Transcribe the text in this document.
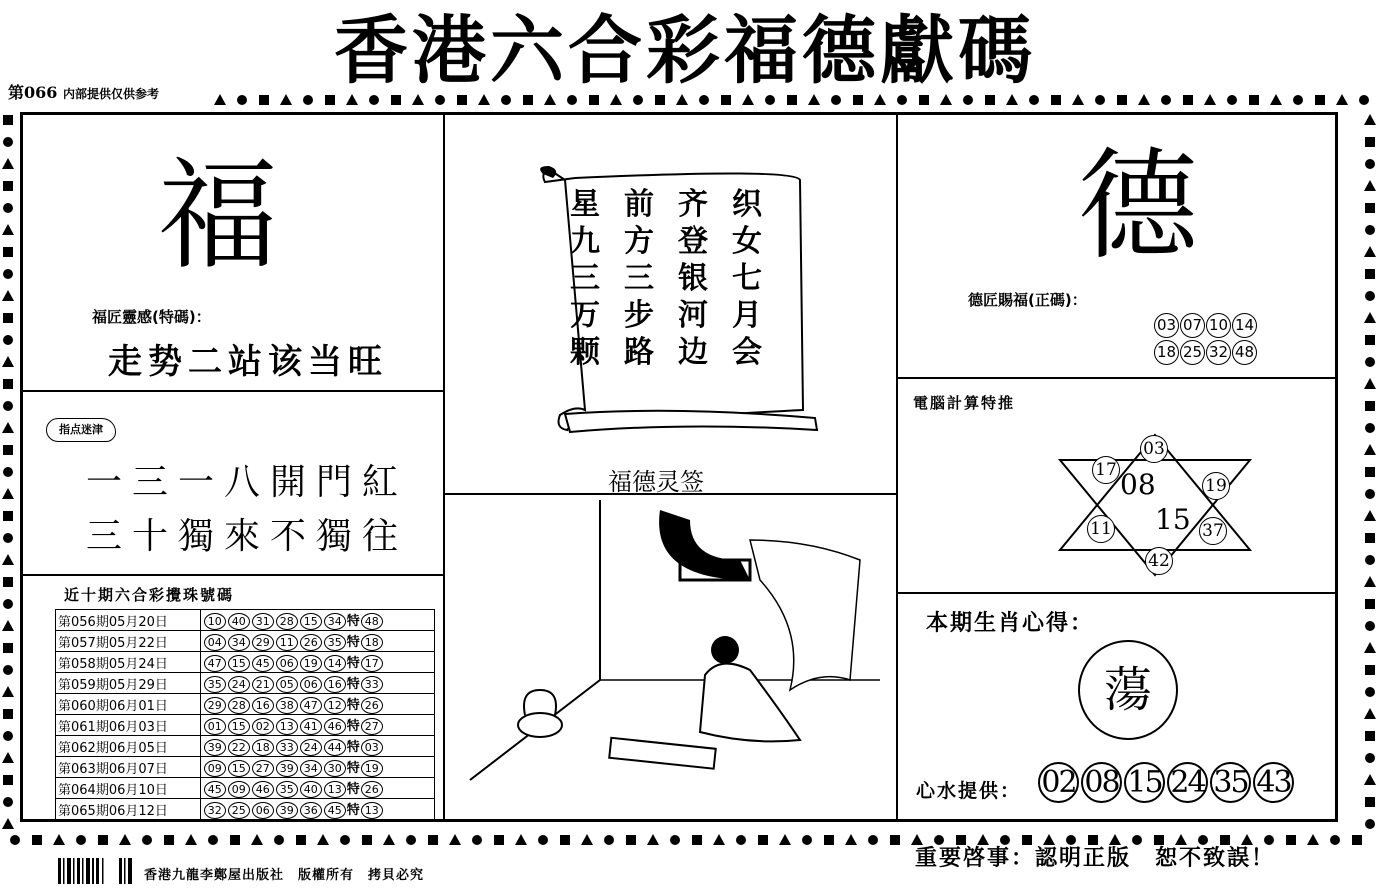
香港六合彩福德獻碼
第066 内部提供仅供参考
福
福匠靈感(特碼)：
走势二站该当旺
指点迷津
一三一八開門紅
三十獨來不獨往
近十期六合彩攪珠號碼
第056期05月20日	10 40 31 28 15 34 特 48
第057期05月22日	04 34 29 11 26 35 特 18
第058期05月24日	47 15 45 06 19 14 特 17
第059期05月29日	35 24 21 05 06 16 特 33
第060期06月01日	29 28 16 38 47 12 特 26
第061期06月03日	01 15 02 13 41 46 特 27
第062期06月05日	39 22 18 33 24 44 特 03
第063期06月07日	09 15 27 39 34 30 特 19
第064期06月10日	45 09 46 35 40 13 特 26
第065期06月12日	32 25 06 39 36 45 特 13
织女七月会
齐登银河边
前方三步路
星九三万颗
福德灵签
德
德匠賜福(正碼)：
03 07 10 14
18 25 32 48
電腦計算特推
03
17
19
11	37
42
08
15
本期生肖心得：
蕩
心水提供： 02 08 15 24 35 43
香港九龍李鄭屋出版社　版權所有　拷貝必究
重要啓事：認明正版　恕不致誤！
